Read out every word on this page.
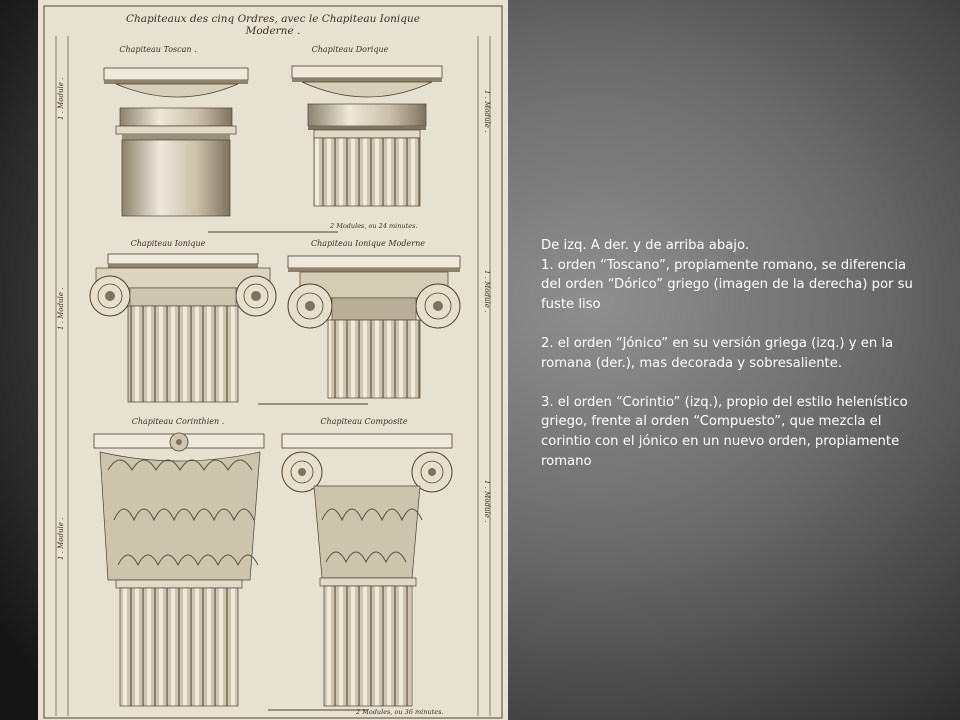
Chapiteaux des cinq Ordres, avec le Chapiteau Ionique
Moderne .
1 . Module .	1 . Module .
1 . Module .	1 . Module .
1 . Module .
1 . Module .
Chapiteau Toscan .	Chapiteau Dorique
2 Modules, ou 24 minutes.
Chapiteau Ionique	Chapiteau Ionique Moderne
Chapiteau Corinthien .	Chapiteau Composite
2 Modules, ou 36 minutes.

De izq. A der. y de arriba abajo.

1. orden “Toscano”, propiamente romano, se diferencia del orden “Dórico” griego (imagen de la derecha) por su fuste liso

2. el orden “Jónico” en su versión griega (izq.) y en la romana (der.), mas decorada y sobresaliente.

3. el orden “Corintio” (izq.), propio del estilo helenístico griego, frente al orden “Compuesto”, que mezcla el corintio con el jónico en un nuevo orden, propiamente romano
